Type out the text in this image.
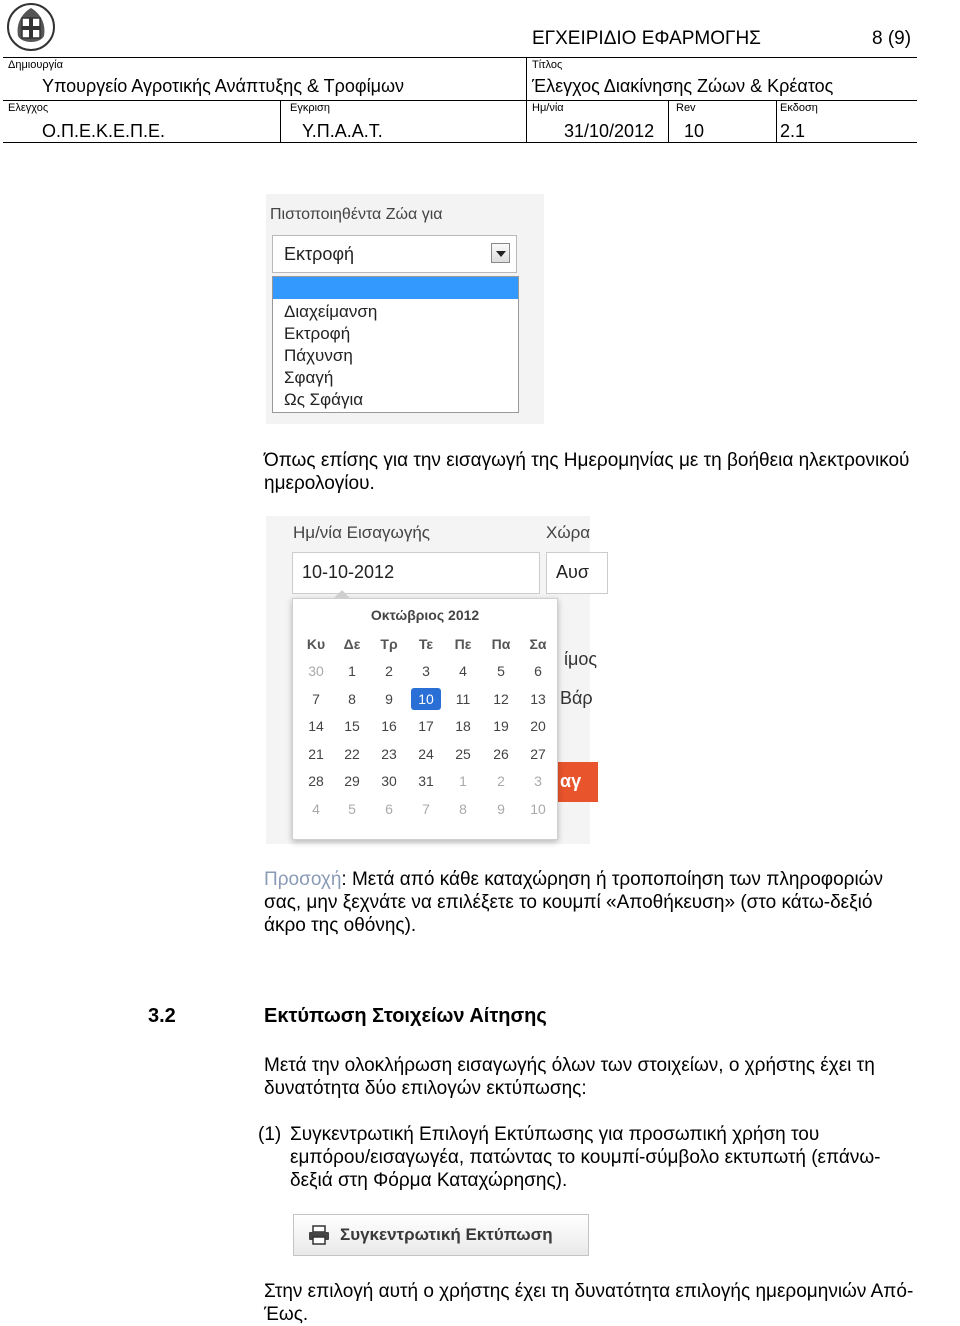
ΕΓΧΕΙΡΙΔΙΟ ΕΦΑΡΜΟΓΗΣ	8 (9)
Δημιουργία	Τίτλος
Υπουργείο Αγροτικής Ανάπτυξης & Τροφίμων	Έλεγχος Διακίνησης Ζώων & Κρέατος
Ελεγχος	Εγκριση	Ημ/νία	Rev	Εκδοση
Ο.Π.Ε.Κ.Ε.Π.Ε.	Υ.Π.Α.Α.Τ.	31/10/2012 10	2.1
Πιστοποιηθέντα Ζώα για
Εκτροφή
Διαχείμανση
Εκτροφή
Πάχυνση
Σφαγή
Ως Σφάγια
Όπως επίσης για την εισαγωγή της Ημερομηνίας με τη βοήθεια ηλεκτρονικού
ημερολογίου.
Ημ/νία Εισαγωγής	Χώρα
10-10-2012	Αυσ
ίμος
Βάρ
αγ
Οκτώβριος 2012
Κυ	Δε	Τρ	Τε	Πε	Πα	Σα
30	1	2	3	4	5	6
7	8	9	10	11	12	13
14	15	16	17	18	19	20
21	22	23	24	25	26	27
28	29	30	31	1	2	3
4	5	6	7	8	9	10
Προσοχή: Μετά από κάθε καταχώρηση ή τροποποίηση των πληροφοριών
σας, μην ξεχνάτε να επιλέξετε το κουμπί «Αποθήκευση» (στο κάτω-δεξιό
άκρο της οθόνης).
3.2	Εκτύπωση Στοιχείων Αίτησης
Μετά την ολοκλήρωση εισαγωγής όλων των στοιχείων, ο χρήστης έχει τη
δυνατότητα δύο επιλογών εκτύπωσης:
(1) Συγκεντρωτική Επιλογή Εκτύπωσης για προσωπική χρήση του
εμπόρου/εισαγωγέα, πατώντας το κουμπί-σύμβολο εκτυπωτή (επάνω-
δεξιά στη Φόρμα Καταχώρησης).
Συγκεντρωτική Εκτύπωση
Στην επιλογή αυτή ο χρήστης έχει τη δυνατότητα επιλογής ημερομηνιών Από-
Έως.
